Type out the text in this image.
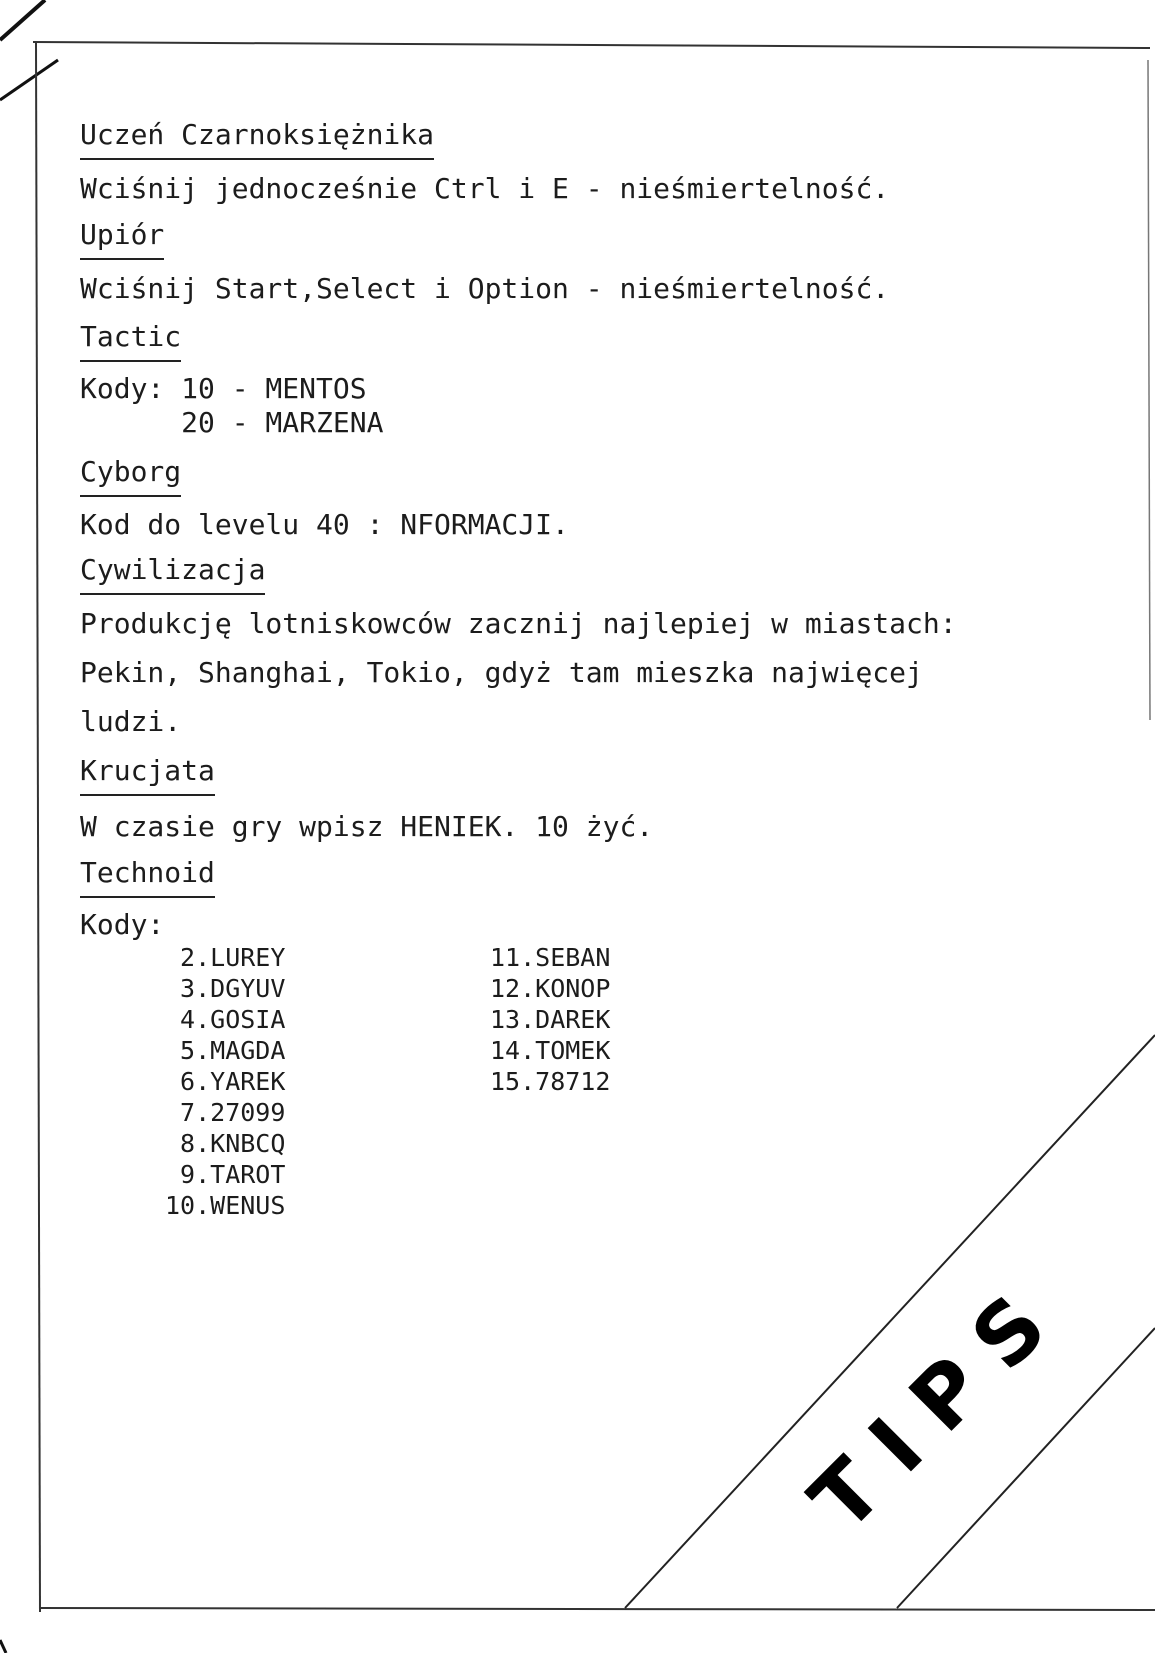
Uczeń Czarnoksiężnika
Wciśnij jednocześnie Ctrl i E - nieśmiertelność.
Upiór
Wciśnij Start,Select i Option - nieśmiertelność.
Tactic
Kody: 10 - MENTOS
20 - MARZENA
Cyborg
Kod do levelu 40 : NFORMACJI.
Cywilizacja
Produkcję lotniskowców zacznij najlepiej w miastach:
Pekin, Shanghai, Tokio, gdyż tam mieszka najwięcej
ludzi.
Krucjata
W czasie gry wpisz HENIEK. 10 żyć.
Technoid
Kody:
2.LUREY
3.DGYUV
4.GOSIA
5.MAGDA
6.YAREK
7.27099
8.KNBCQ
9.TAROT
10.WENUS
11.SEBAN
12.KONOP
13.DAREK
14.TOMEK
15.78712
TIPS
